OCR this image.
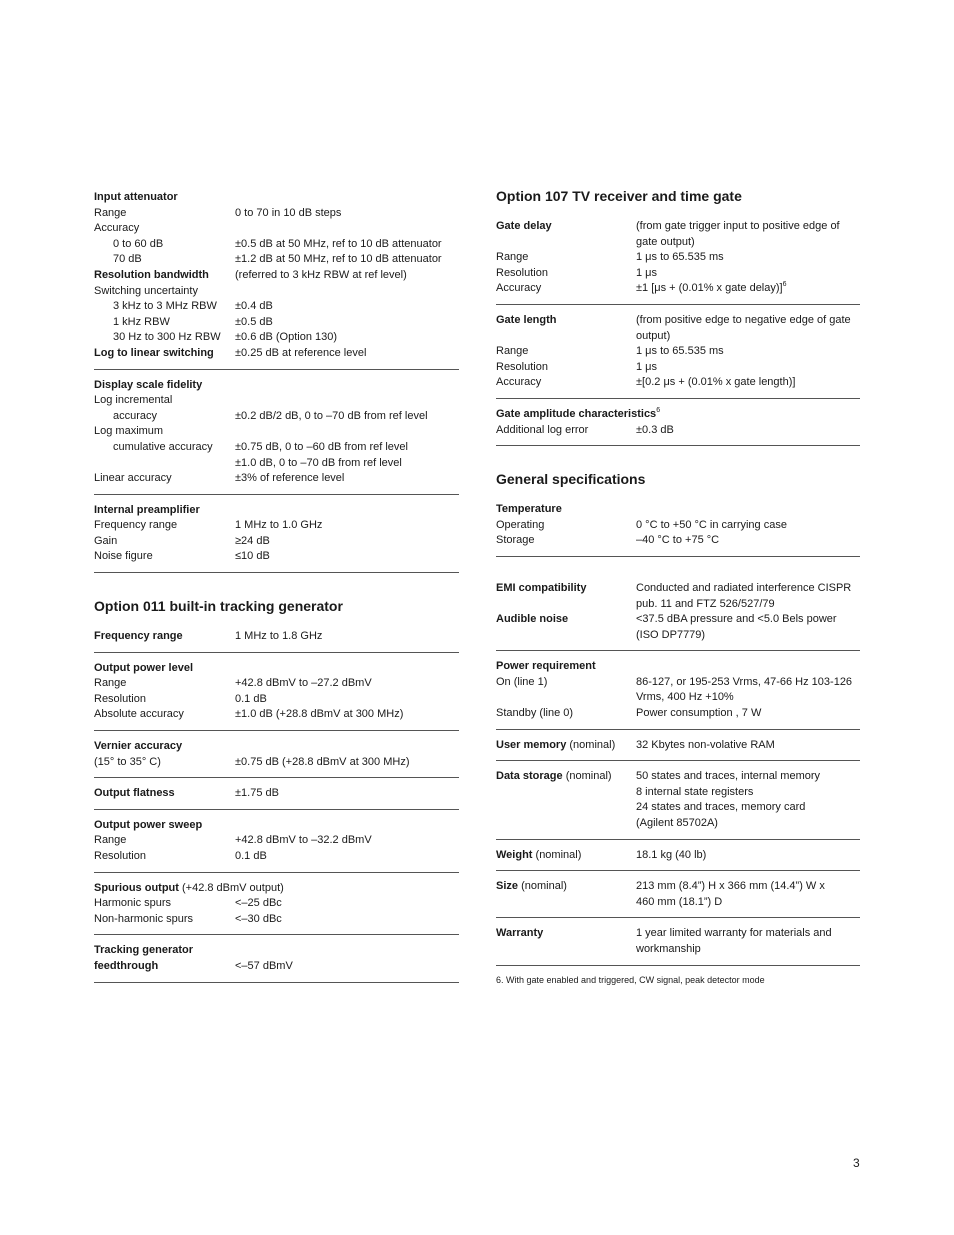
Input attenuator
Range	0 to 70 in 10 dB steps
Accuracy
0 to 60 dB	±0.5 dB at 50 MHz, ref to 10 dB attenuator
70 dB	±1.2 dB at 50 MHz, ref to 10 dB attenuator
Resolution bandwidth (referred to 3 kHz RBW at ref level)
Switching uncertainty
3 kHz to 3 MHz RBW ±0.4 dB
1 kHz RBW	±0.5 dB
30 Hz to 300 Hz RBW ±0.6 dB (Option 130)
Log to linear switching ±0.25 dB at reference level
Display scale fidelity
Log incremental
accuracy	±0.2 dB/2 dB, 0 to –70 dB from ref level
Log maximum
cumulative accuracy ±0.75 dB, 0 to –60 dB from ref level
±1.0 dB, 0 to –70 dB from ref level
Linear accuracy	±3% of reference level
Internal preamplifier
Frequency range	1 MHz to 1.0 GHz
Gain	≥24 dB
Noise figure	≤10 dB
Option 011 built-in tracking generator
Frequency range	1 MHz to 1.8 GHz
Output power level
Range	+42.8 dBmV to –27.2 dBmV
Resolution	0.1 dB
Absolute accuracy	±1.0 dB (+28.8 dBmV at 300 MHz)
Vernier accuracy
(15° to 35° C)	±0.75 dB (+28.8 dBmV at 300 MHz)
Output flatness	±1.75 dB
Output power sweep
Range	+42.8 dBmV to –32.2 dBmV
Resolution	0.1 dB
Spurious output (+42.8 dBmV output)
Harmonic spurs	<–25 dBc
Non-harmonic spurs	<–30 dBc
Tracking generator
feedthrough	<–57 dBmV
Option 107 TV receiver and time gate
Gate delay	(from gate trigger input to positive edge of
gate output)
Range	1 μs to 65.535 ms
Resolution	1 μs
Accuracy	±1 [μs + (0.01% x gate delay)]$^6$
Gate length	(from positive edge to negative edge of gate
output)
Range	1 μs to 65.535 ms
Resolution	1 μs
Accuracy	±[0.2 μs + (0.01% x gate length)]
Gate amplitude characteristics$^6$
Additional log error	±0.3 dB
General specifications
Temperature
Operating	0 °C to +50 °C in carrying case
Storage	–40 °C to +75 °C
EMI compatibility	Conducted and radiated interference CISPR
pub. 11 and FTZ 526/527/79
Audible noise	<37.5 dBA pressure and <5.0 Bels power
(ISO DP7779)
Power requirement
On (line 1)	86-127, or 195-253 Vrms, 47-66 Hz 103-126
Vrms, 400 Hz +10%
Standby (line 0)	Power consumption , 7 W
User memory (nominal) 32 Kbytes non-volative RAM
Data storage (nominal) 50 states and traces, internal memory
8 internal state registers
24 states and traces, memory card
(Agilent 85702A)
Weight (nominal)	18.1 kg (40 lb)
Size (nominal)	213 mm (8.4”) H x 366 mm (14.4”) W x
460 mm (18.1”) D
Warranty	1 year limited warranty for materials and
workmanship
6. With gate enabled and triggered, CW signal, peak detector mode
3
